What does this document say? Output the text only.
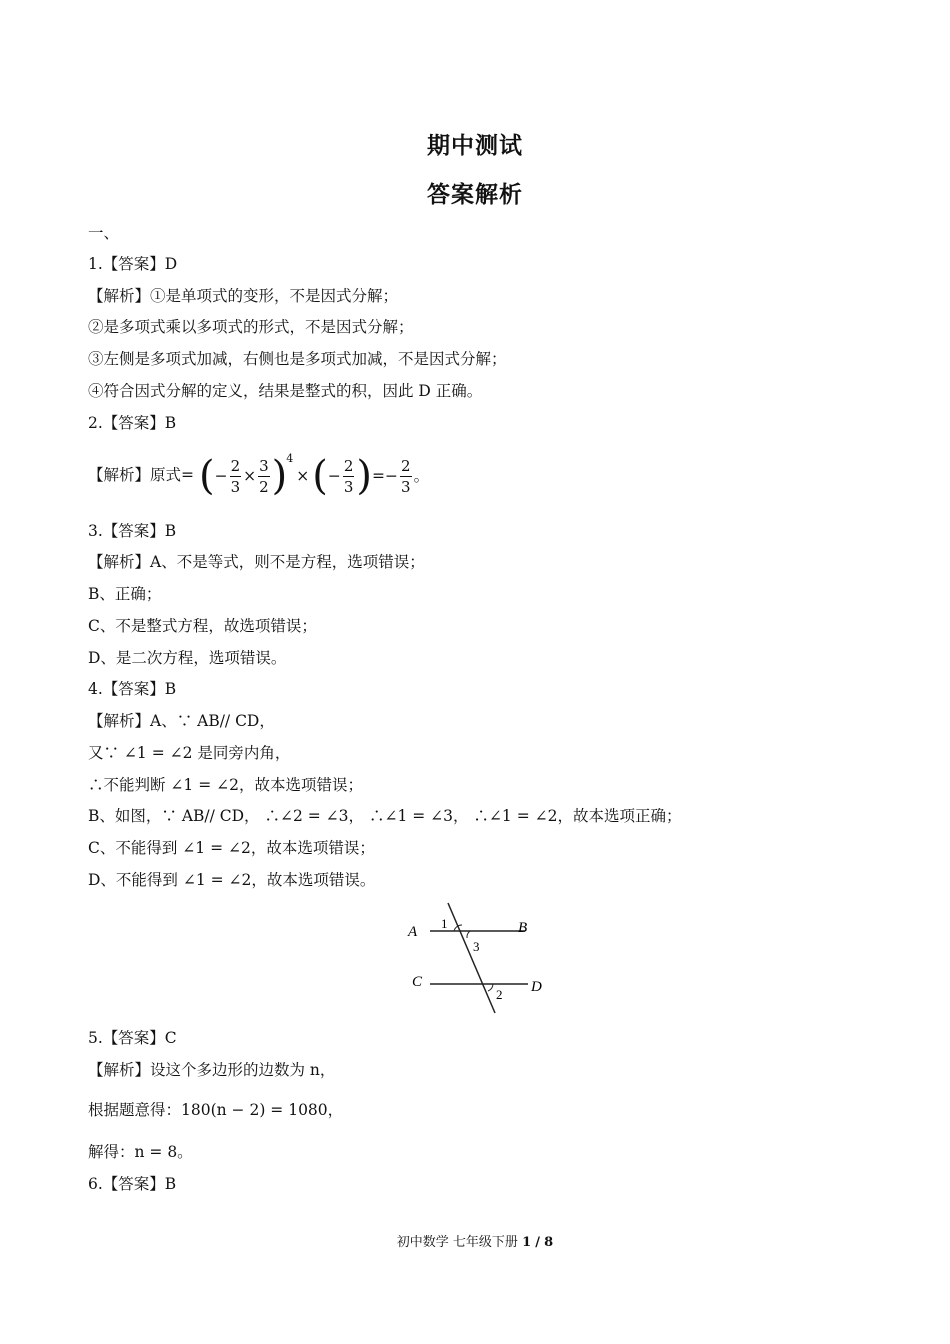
期中测试
答案解析
一、
1.【答案】D
【解析】①是单项式的变形，不是因式分解；
②是多项式乘以多项式的形式，不是因式分解；
③左侧是多项式加减，右侧也是多项式加减，不是因式分解；
④符合因式分解的定义，结果是整式的积，因此 D 正确。
2.【答案】B
【解析】原式= ( − $\frac{2}{3} \times \frac{3}{2}$ ) 4
× ( − $\frac{2}{3}$ ) = − $\frac{2}{3}$ 。
3.【答案】B
【解析】A、不是等式，则不是方程，选项错误；
B、正确；
C、不是整式方程，故选项错误；
D、是二次方程，选项错误。
4.【答案】B
【解析】A、∵ AB// CD，
又∵ ∠1 = ∠2 是同旁内角，
∴不能判断 ∠1 = ∠2，故本选项错误；
B、如图，∵ AB// CD， ∴∠2 = ∠3， ∴∠1 = ∠3， ∴∠1 = ∠2，故本选项正确；
C、不能得到 ∠1 = ∠2，故本选项错误；
D、不能得到 ∠1 = ∠2，故本选项错误。
A	B
C	D
1
3
2
5.【答案】C
【解析】设这个多边形的边数为 n，
根据题意得：180(n − 2) = 1080，
解得：n = 8。
6.【答案】B
初中数学 七年级下册 1 / 8
